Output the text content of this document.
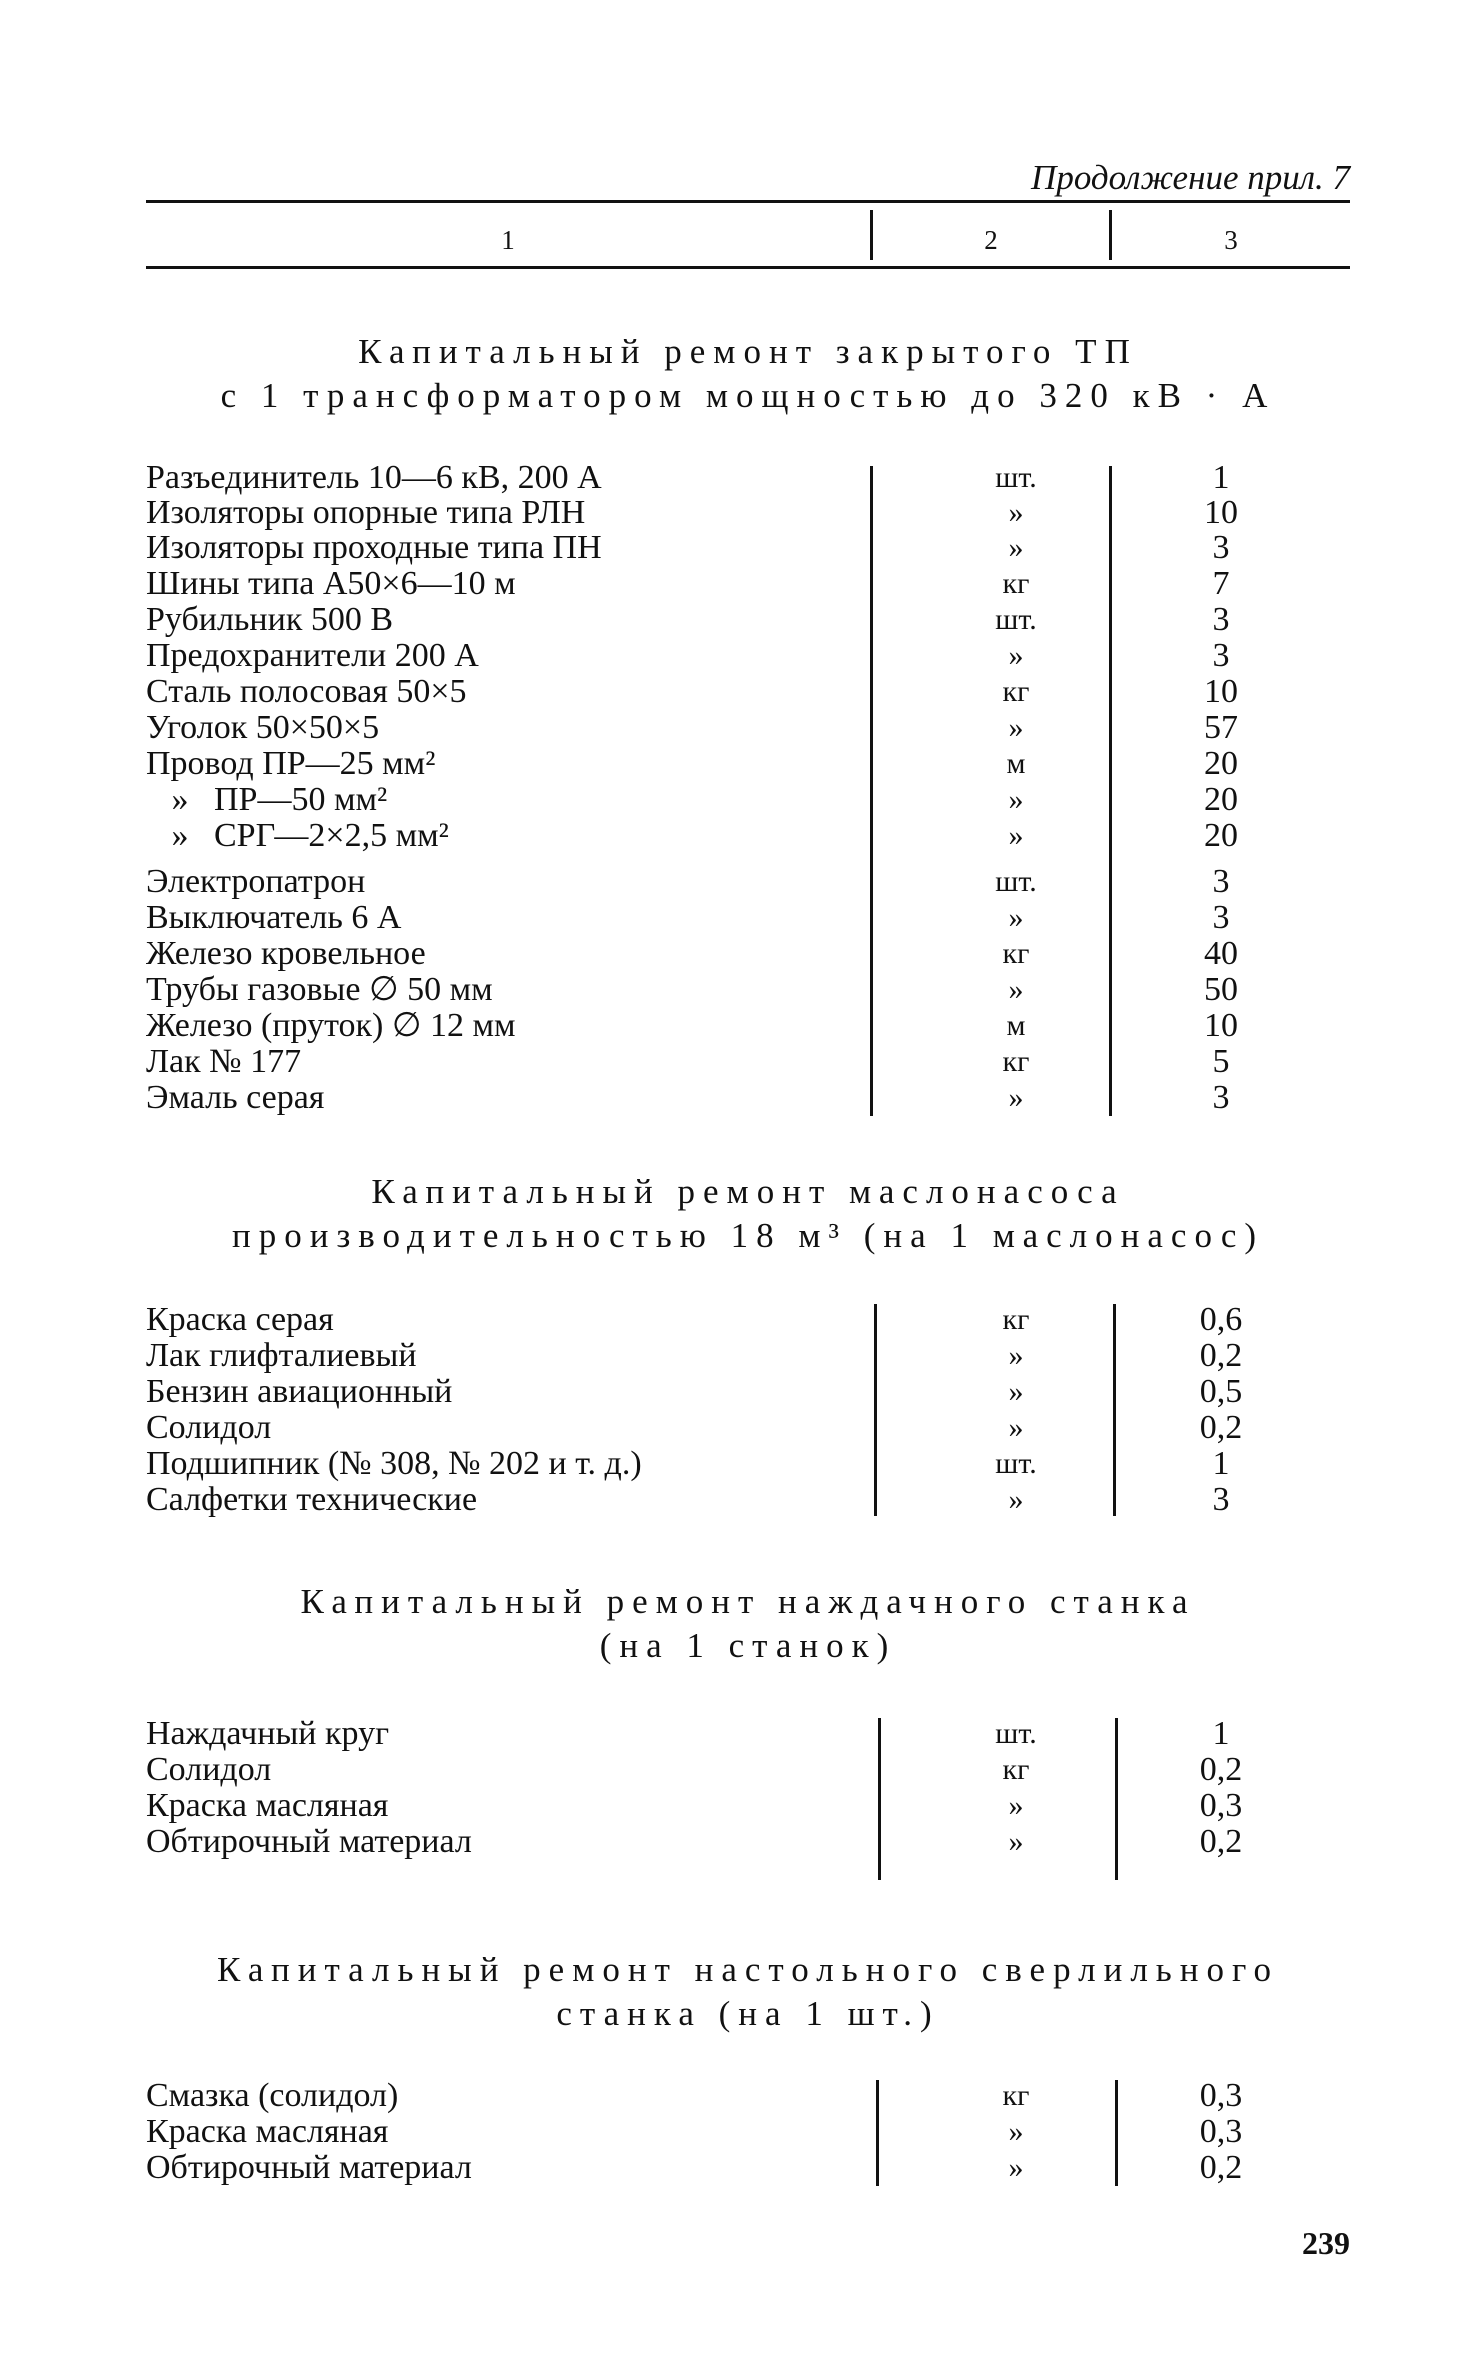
Продолжение прил. 7
1	2	3

Капитальный ремонт закрытого ТП
с 1 трансформатором мощностью до 320 кВ · А

Разъединитель 10—6 кВ, 200 А	шт.	1
Изоляторы опорные типа РЛН	»	10
Изоляторы проходные типа ПН	»	3
Шины типа А50×6—10 м	кг	7
Рубильник 500 В	шт.	3
Предохранители 200 А	»	3
Сталь полосовая 50×5	кг	10
Уголок 50×50×5	»	57
Провод ПР—25 мм²	м	20
»   ПР—50 мм²	»	20
»   СРГ—2×2,5 мм²	»	20
Электропатрон	шт.	3
Выключатель 6 А	»	3
Железо кровельное	кг	40
Трубы газовые ∅ 50 мм	»	50
Железо (пруток) ∅ 12 мм	м	10
Лак № 177	кг	5
Эмаль серая	»	3

Капитальный ремонт маслонасоса
производительностью 18 м³ (на 1 маслонасос)

Краска серая	кг	0,6
Лак глифталиевый	»	0,2
Бензин авиационный	»	0,5
Солидол	»	0,2
Подшипник (№ 308, № 202 и т. д.)	шт.	1
Салфетки технические	»	3

Капитальный ремонт наждачного станка
(на 1 станок)

Наждачный круг	шт.	1
Солидол	кг	0,2
Краска масляная	»	0,3
Обтирочный материал	»	0,2

Капитальный ремонт настольного сверлильного
станка (на 1 шт.)

Смазка (солидол)	кг	0,3
Краска масляная	»	0,3
Обтирочный материал	»	0,2
239
